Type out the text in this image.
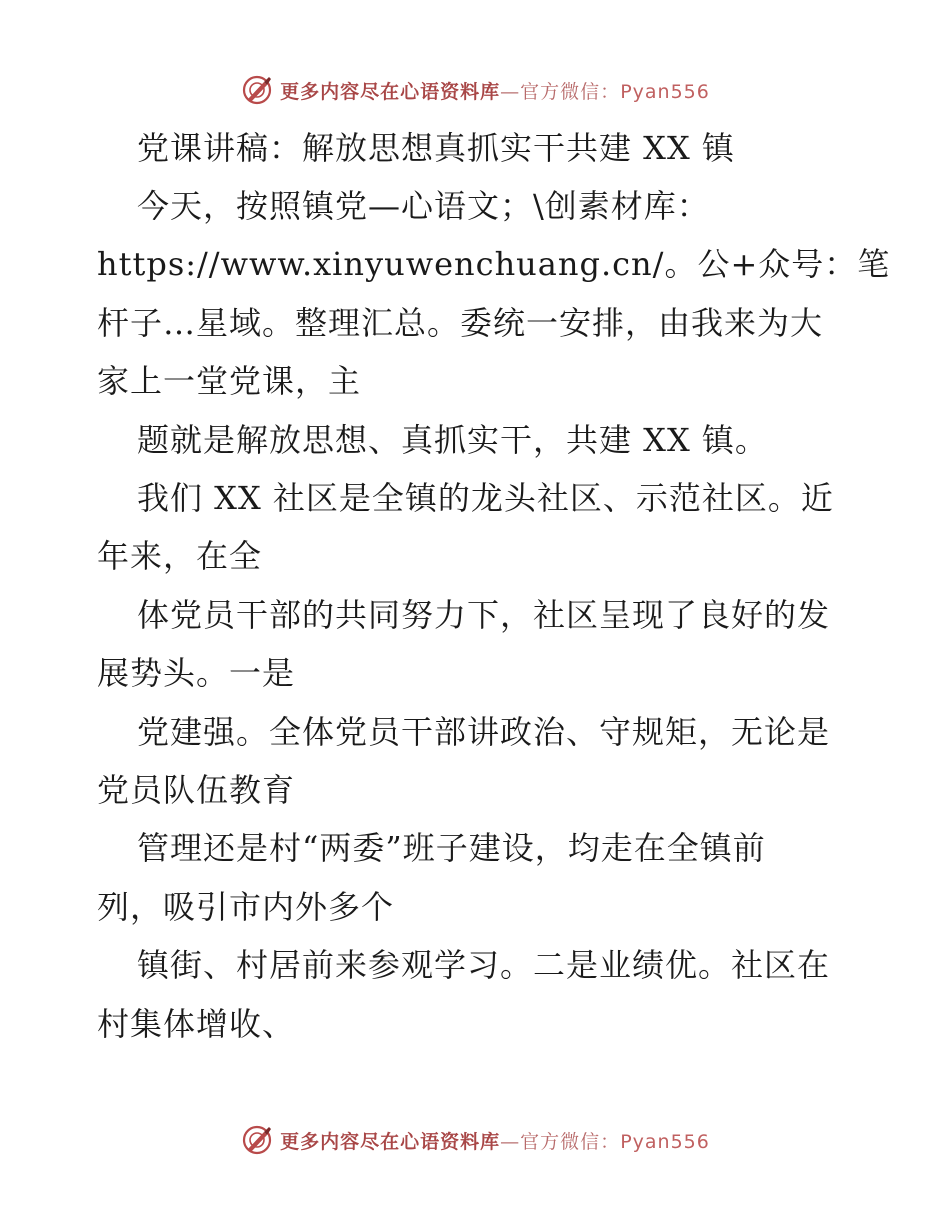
更多内容尽在心语资料库—官方微信：Pyan556
党课讲稿：解放思想真抓实干共建 XX 镇
今天，按照镇党—心语文；\创素材库：
https://www.xinyuwenchuang.cn/。公+众号：笔
杆子…星域。整理汇总。委统一安排，由我来为大
家上一堂党课，主
题就是解放思想、真抓实干，共建 XX 镇。
我们 XX 社区是全镇的龙头社区、示范社区。近
年来，在全
体党员干部的共同努力下，社区呈现了良好的发
展势头。一是
党建强。全体党员干部讲政治、守规矩，无论是
党员队伍教育
管理还是村“两委”班子建设，均走在全镇前
列，吸引市内外多个
镇街、村居前来参观学习。二是业绩优。社区在
村集体增收、
更多内容尽在心语资料库—官方微信：Pyan556
